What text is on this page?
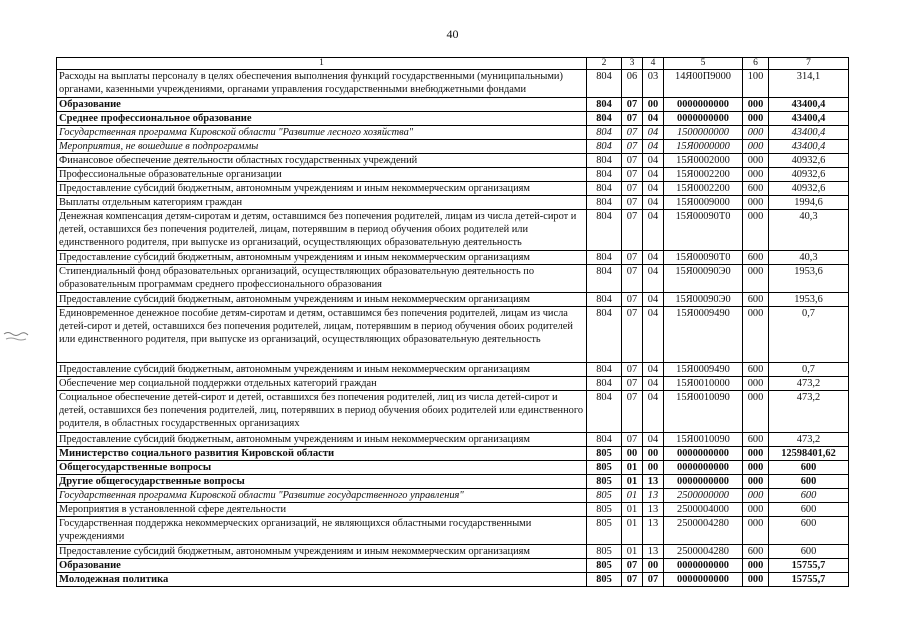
40
1	2	3	4	5	6	7
Расходы на выплаты персоналу в целях обеспечения выполнения функций государственными (муниципальными) органами, казенными учреждениями, органами управления государственными внебюджетными фондами	804	06	03	14Я00П9000	100	314,1
Образование	804	07	00	0000000000	000	43400,4
Среднее профессиональное образование	804	07	04	0000000000	000	43400,4
Государственная программа Кировской области "Развитие лесного хозяйства"	804	07	04	1500000000	000	43400,4
Мероприятия, не вошедшие в подпрограммы	804	07	04	15Я0000000	000	43400,4
Финансовое обеспечение деятельности областных государственных учреждений	804	07	04	15Я0002000	000	40932,6
Профессиональные образовательные организации	804	07	04	15Я0002200	000	40932,6
Предоставление субсидий бюджетным, автономным учреждениям и иным некоммерческим организациям	804	07	04	15Я0002200	600	40932,6
Выплаты отдельным категориям граждан	804	07	04	15Я0009000	000	1994,6
Денежная компенсация детям-сиротам и детям, оставшимся без попечения родителей, лицам из числа детей-сирот и детей, оставшихся без попечения родителей, лицам, потерявшим в период обучения обоих родителей или единственного родителя, при выпуске из организаций, осуществляющих образовательную деятельность	804	07	04	15Я00090Т0	000	40,3
Предоставление субсидий бюджетным, автономным учреждениям и иным некоммерческим организациям	804	07	04	15Я00090Т0	600	40,3
Стипендиальный фонд образовательных организаций, осуществляющих образовательную деятельность по образовательным программам среднего профессионального образования	804	07	04	15Я00090Э0	000	1953,6
Предоставление субсидий бюджетным, автономным учреждениям и иным некоммерческим организациям	804	07	04	15Я00090Э0	600	1953,6
Единовременное денежное пособие детям-сиротам и детям, оставшимся без попечения родителей, лицам из числа детей-сирот и детей, оставшихся без попечения родителей, лицам, потерявшим в период обучения обоих родителей или единственного родителя, при выпуске из организаций, осуществляющих образовательную деятельность	804	07	04	15Я0009490	000	0,7
Предоставление субсидий бюджетным, автономным учреждениям и иным некоммерческим организациям	804	07	04	15Я0009490	600	0,7
Обеспечение мер социальной поддержки отдельных категорий граждан	804	07	04	15Я0010000	000	473,2
Социальное обеспечение детей-сирот и детей, оставшихся без попечения родителей, лиц из числа детей-сирот и детей, оставшихся без попечения родителей, лиц, потерявших в период обучения обоих родителей или единственного родителя, в областных государственных организациях	804	07	04	15Я0010090	000	473,2
Предоставление субсидий бюджетным, автономным учреждениям и иным некоммерческим организациям	804	07	04	15Я0010090	600	473,2
Министерство социального развития Кировской области	805	00	00	0000000000	000	12598401,62
Общегосударственные вопросы	805	01	00	0000000000	000	600
Другие общегосударственные вопросы	805	01	13	0000000000	000	600
Государственная программа Кировской области "Развитие государственного управления"	805	01	13	2500000000	000	600
Мероприятия в установленной сфере деятельности	805	01	13	2500004000	000	600
Государственная поддержка некоммерческих организаций, не являющихся областными государственными учреждениями	805	01	13	2500004280	000	600
Предоставление субсидий бюджетным, автономным учреждениям и иным некоммерческим организациям	805	01	13	2500004280	600	600
Образование	805	07	00	0000000000	000	15755,7
Молодежная политика	805	07	07	0000000000	000	15755,7
